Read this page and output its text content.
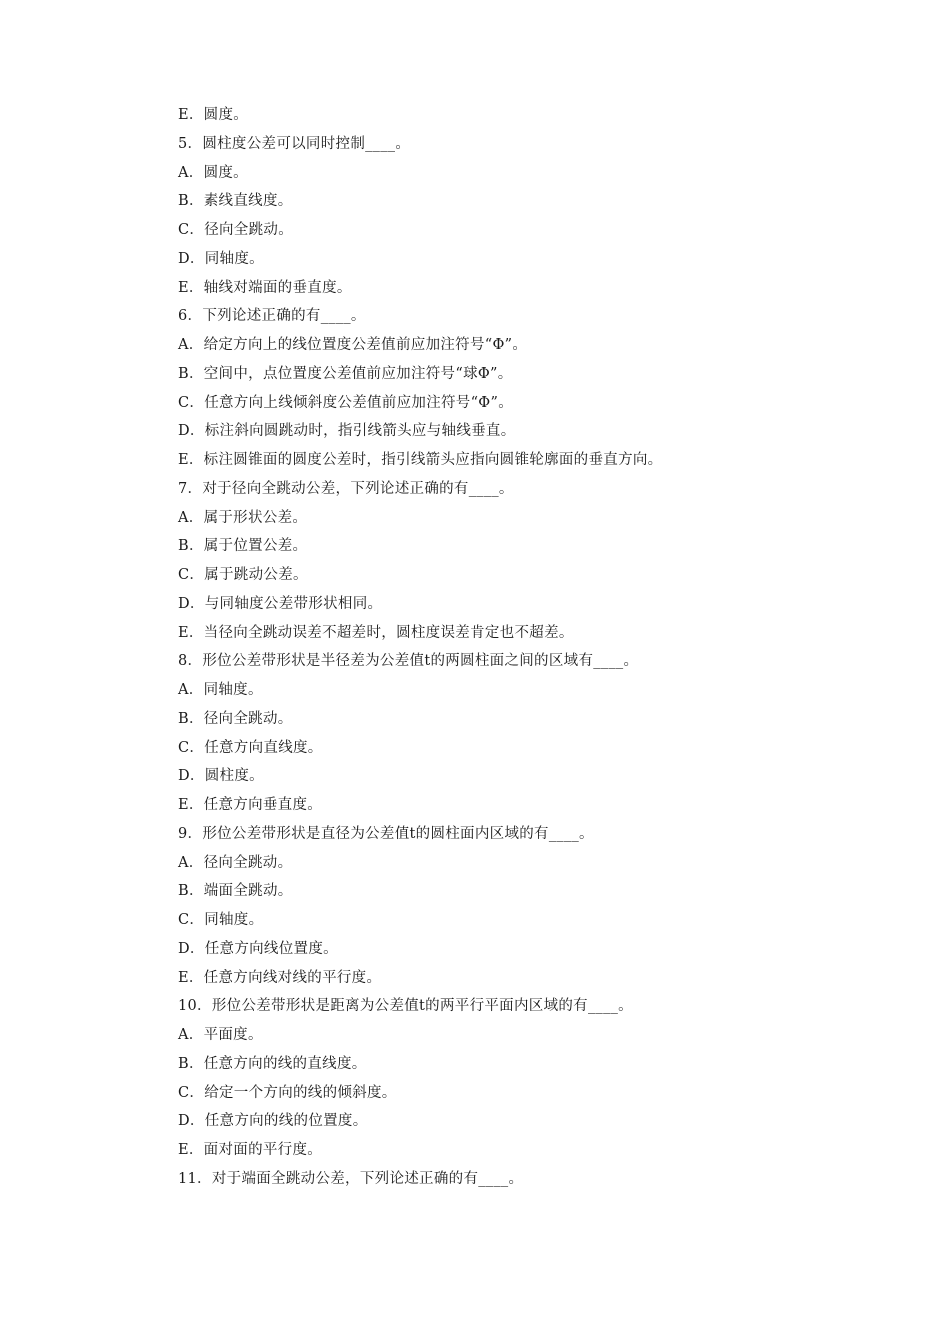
E．圆度。
5．圆柱度公差可以同时控制____。
A．圆度。
B．素线直线度。
C．径向全跳动。
D．同轴度。
E．轴线对端面的垂直度。
6．下列论述正确的有____。
A．给定方向上的线位置度公差值前应加注符号“Φ”。
B．空间中，点位置度公差值前应加注符号“球Φ”。
C．任意方向上线倾斜度公差值前应加注符号“Φ”。
D．标注斜向圆跳动时，指引线箭头应与轴线垂直。
E．标注圆锥面的圆度公差时，指引线箭头应指向圆锥轮廓面的垂直方向。
7．对于径向全跳动公差，下列论述正确的有____。
A．属于形状公差。
B．属于位置公差。
C．属于跳动公差。
D．与同轴度公差带形状相同。
E．当径向全跳动误差不超差时，圆柱度误差肯定也不超差。
8．形位公差带形状是半径差为公差值t的两圆柱面之间的区域有____。
A．同轴度。
B．径向全跳动。
C．任意方向直线度。
D．圆柱度。
E．任意方向垂直度。
9．形位公差带形状是直径为公差值t的圆柱面内区域的有____。
A．径向全跳动。
B．端面全跳动。
C．同轴度。
D．任意方向线位置度。
E．任意方向线对线的平行度。
10．形位公差带形状是距离为公差值t的两平行平面内区域的有____。
A．平面度。
B．任意方向的线的直线度。
C．给定一个方向的线的倾斜度。
D．任意方向的线的位置度。
E．面对面的平行度。
11．对于端面全跳动公差，下列论述正确的有____。
